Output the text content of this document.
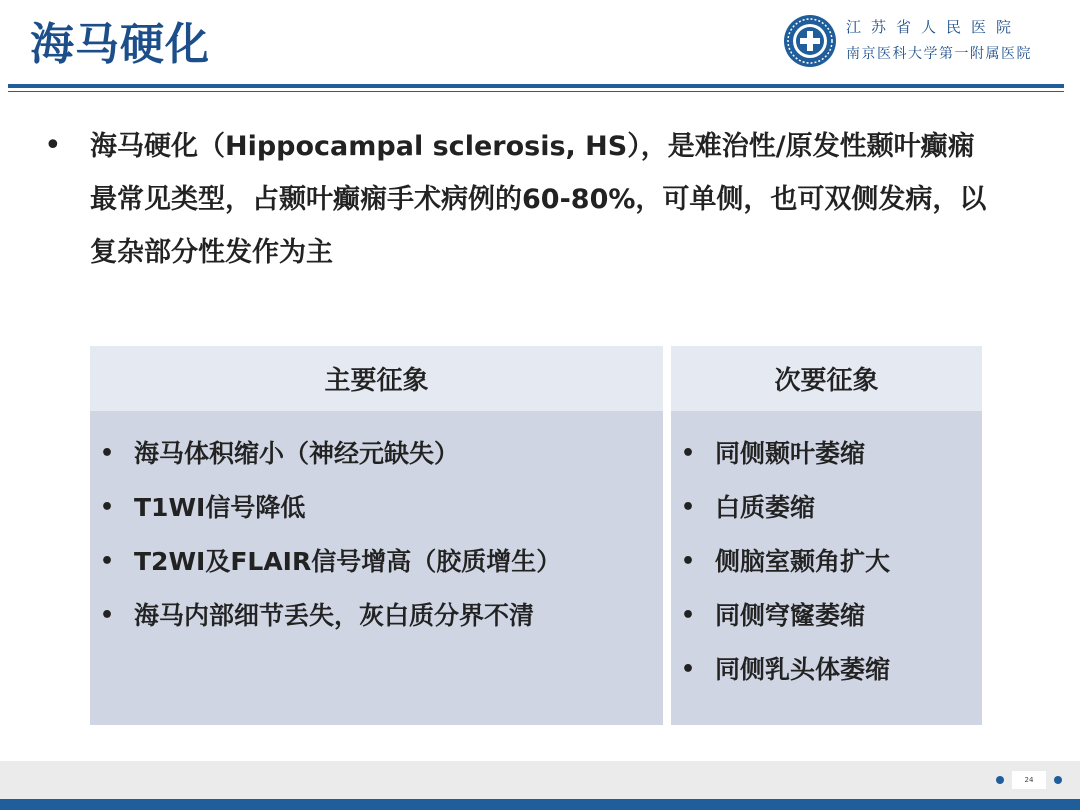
海马硬化	江苏省人民医院
南京医科大学第一附属医院
• 海马硬化（Hippocampal sclerosis, HS），是难治性/原发性颞叶癫痫最常见类型，占颞叶癫痫手术病例的60-80%，可单侧，也可双侧发病，以复杂部分性发作为主
主要征象
• 海马体积缩小（神经元缺失）
• T1WI信号降低
• T2WI及FLAIR信号增高（胶质增生）
• 海马内部细节丢失，灰白质分界不清
次要征象
• 同侧颞叶萎缩
• 白质萎缩
• 侧脑室颞角扩大
• 同侧穹窿萎缩
• 同侧乳头体萎缩
24
